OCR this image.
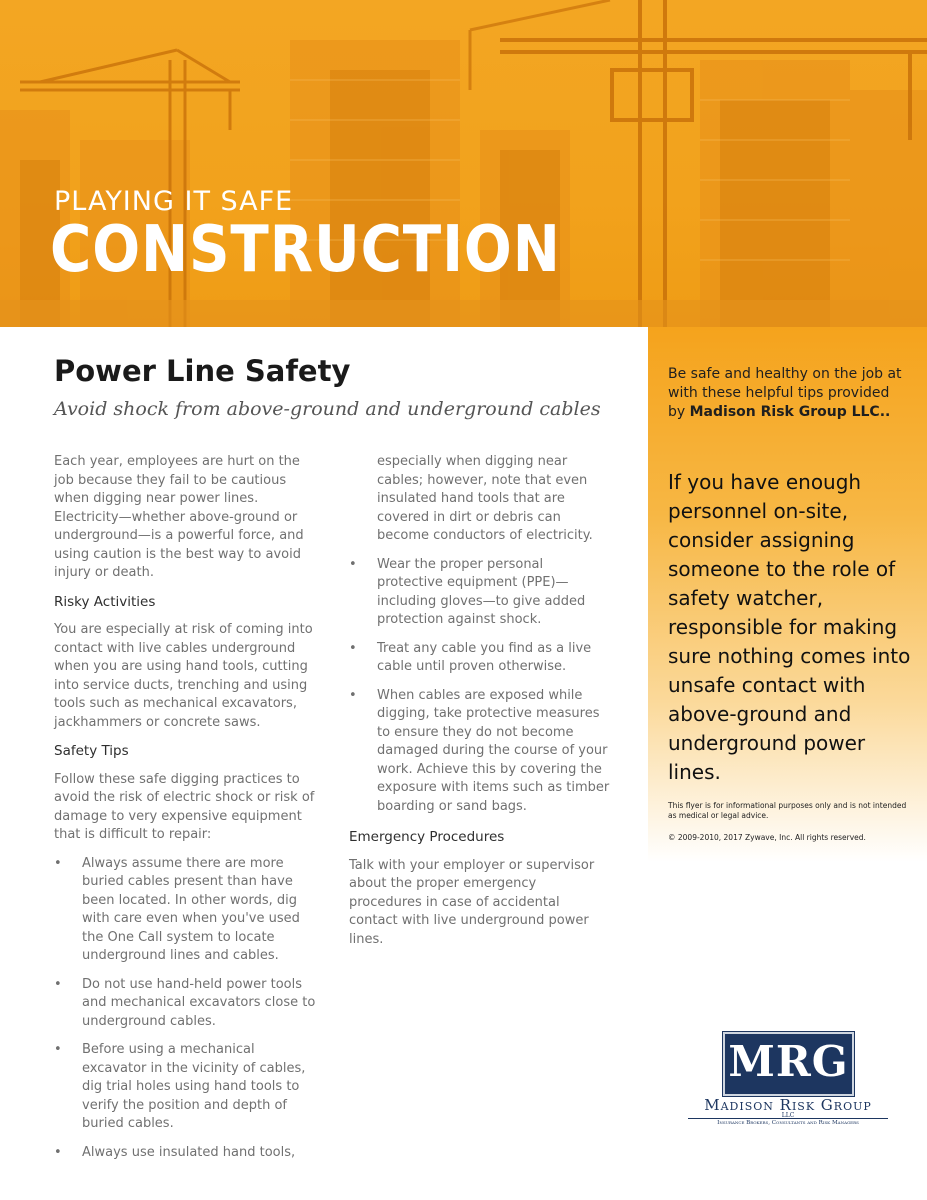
PLAYING IT SAFE
CONSTRUCTION
Power Line Safety
Avoid shock from above-ground and underground cables

Each year, employees are hurt on the job because they fail to be cautious when digging near power lines. Electricity—whether above-ground or underground—is a powerful force, and using caution is the best way to avoid injury or death.

Risky Activities

You are especially at risk of coming into contact with live cables underground when you are using hand tools, cutting into service ducts, trenching and using tools such as mechanical excavators, jackhammers or concrete saws.

Safety Tips

Follow these safe digging practices to avoid the risk of electric shock or risk of damage to very expensive equipment that is difficult to repair:

• Always assume there are more buried cables present than have been located. In other words, dig with care even when you've used the One Call system to locate underground lines and cables.
• Do not use hand-held power tools and mechanical excavators close to underground cables.
• Before using a mechanical excavator in the vicinity of cables, dig trial holes using hand tools to verify the position and depth of buried cables.
• Always use insulated hand tools,
especially when digging near cables; however, note that even insulated hand tools that are covered in dirt or debris can become conductors of electricity.
• Wear the proper personal protective equipment (PPE)—including gloves—to give added protection against shock.
• Treat any cable you find as a live cable until proven otherwise.
• When cables are exposed while digging, take protective measures to ensure they do not become damaged during the course of your work. Achieve this by covering the exposure with items such as timber boarding or sand bags.
Emergency Procedures

Talk with your employer or supervisor about the proper emergency procedures in case of accidental contact with live underground power lines.

Be safe and healthy on the job at with these helpful tips provided by Madison Risk Group LLC..
If you have enough personnel on-site, consider assigning someone to the role of safety watcher, responsible for making sure nothing comes into unsafe contact with above-ground and underground power lines.
This flyer is for informational purposes only and is not intended as medical or legal advice.
© 2009-2010, 2017 Zywave, Inc. All rights reserved.
MRG
Madison Risk Group
LLC
Insurance Brokers, Consultants and Risk Managers
